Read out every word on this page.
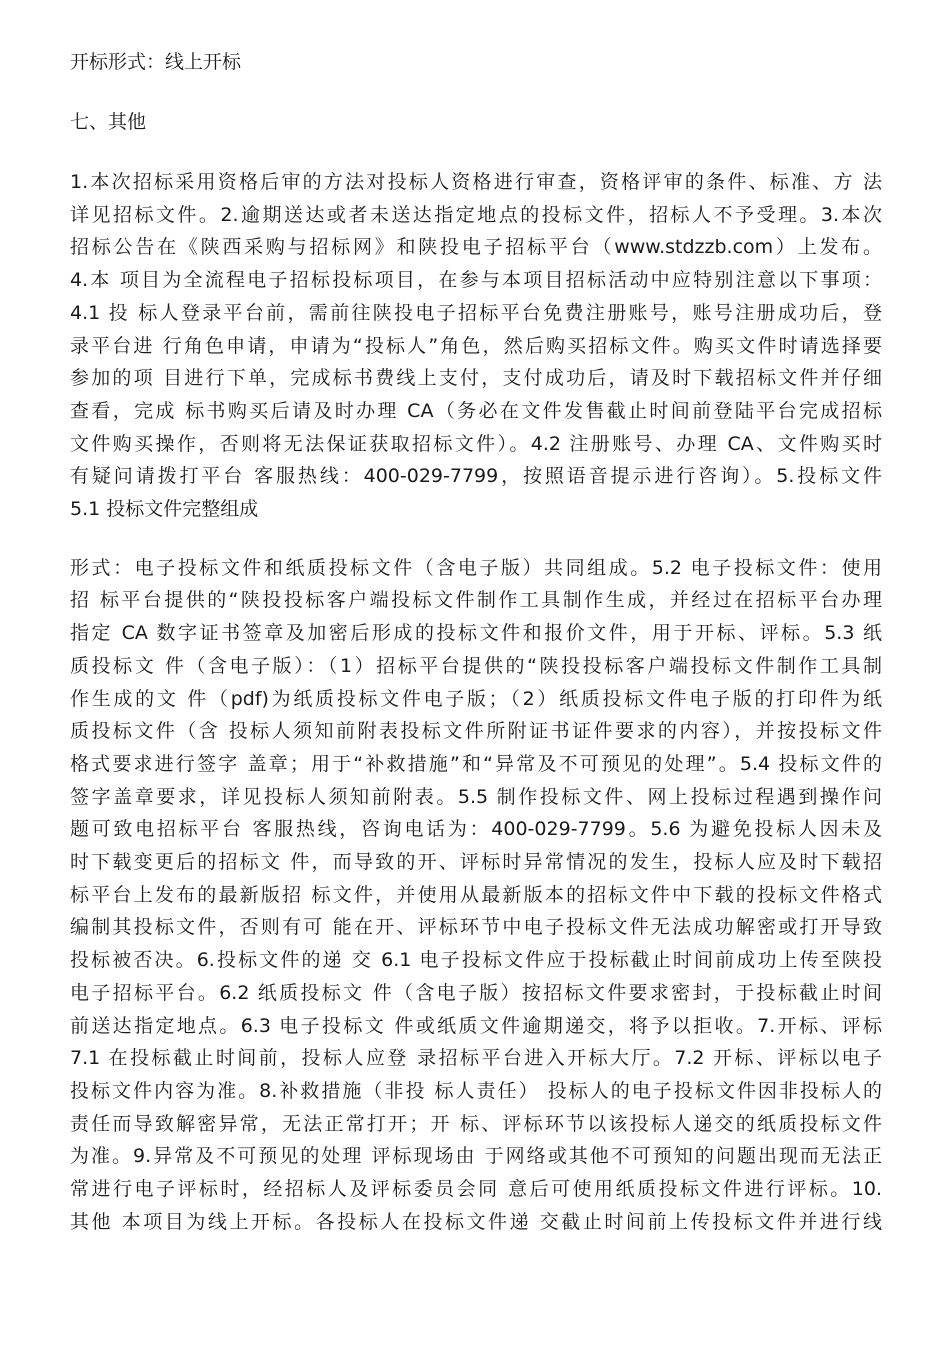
开标形式：线上开标

七、其他

1.本次招标采用资格后审的方法对投标人资格进行审查，资格评审的条件、标准、方 法
详见招标文件。2.逾期送达或者未送达指定地点的投标文件，招标人不予受理。3.本次
招标公告在《陕西采购与招标网》和陕投电子招标平台（www.stdzzb.com）上发布。
4.本 项目为全流程电子招标投标项目，在参与本项目招标活动中应特别注意以下事项：
4.1 投 标人登录平台前，需前往陕投电子招标平台免费注册账号，账号注册成功后，登
录平台进 行角色申请，申请为“投标人”角色，然后购买招标文件。购买文件时请选择要
参加的项 目进行下单，完成标书费线上支付，支付成功后，请及时下载招标文件并仔细
查看，完成 标书购买后请及时办理 CA（务必在文件发售截止时间前登陆平台完成招标
文件购买操作，否则将无法保证获取招标文件）。4.2 注册账号、办理 CA、文件购买时
有疑问请拨打平台 客服热线：400-029-7799，按照语音提示进行咨询）。5.投标文件
5.1 投标文件完整组成
形式：电子投标文件和纸质投标文件（含电子版）共同组成。5.2 电子投标文件：使用
招 标平台提供的“陕投投标客户端投标文件制作工具制作生成，并经过在招标平台办理
指定 CA 数字证书签章及加密后形成的投标文件和报价文件，用于开标、评标。5.3 纸
质投标文 件（含电子版）：（1）招标平台提供的“陕投投标客户端投标文件制作工具制
作生成的文 件（pdf)为纸质投标文件电子版；（2）纸质投标文件电子版的打印件为纸
质投标文件（含 投标人须知前附表投标文件所附证书证件要求的内容），并按投标文件
格式要求进行签字 盖章；用于“补救措施”和“异常及不可预见的处理”。5.4 投标文件的
签字盖章要求，详见投标人须知前附表。5.5 制作投标文件、网上投标过程遇到操作问
题可致电招标平台 客服热线，咨询电话为：400-029-7799。5.6 为避免投标人因未及
时下载变更后的招标文 件，而导致的开、评标时异常情况的发生，投标人应及时下载招
标平台上发布的最新版招 标文件，并使用从最新版本的招标文件中下载的投标文件格式
编制其投标文件，否则有可 能在开、评标环节中电子投标文件无法成功解密或打开导致
投标被否决。6.投标文件的递 交 6.1 电子投标文件应于投标截止时间前成功上传至陕投
电子招标平台。6.2 纸质投标文 件（含电子版）按招标文件要求密封，于投标截止时间
前送达指定地点。6.3 电子投标文 件或纸质文件逾期递交，将予以拒收。7.开标、评标
7.1 在投标截止时间前，投标人应登 录招标平台进入开标大厅。7.2 开标、评标以电子
投标文件内容为准。8.补救措施（非投 标人责任） 投标人的电子投标文件因非投标人的
责任而导致解密异常，无法正常打开；开 标、评标环节以该投标人递交的纸质投标文件
为准。9.异常及不可预见的处理 评标现场由 于网络或其他不可预知的问题出现而无法正
常进行电子评标时，经招标人及评标委员会同 意后可使用纸质投标文件进行评标。10.
其他 本项目为线上开标。各投标人在投标文件递 交截止时间前上传投标文件并进行线
